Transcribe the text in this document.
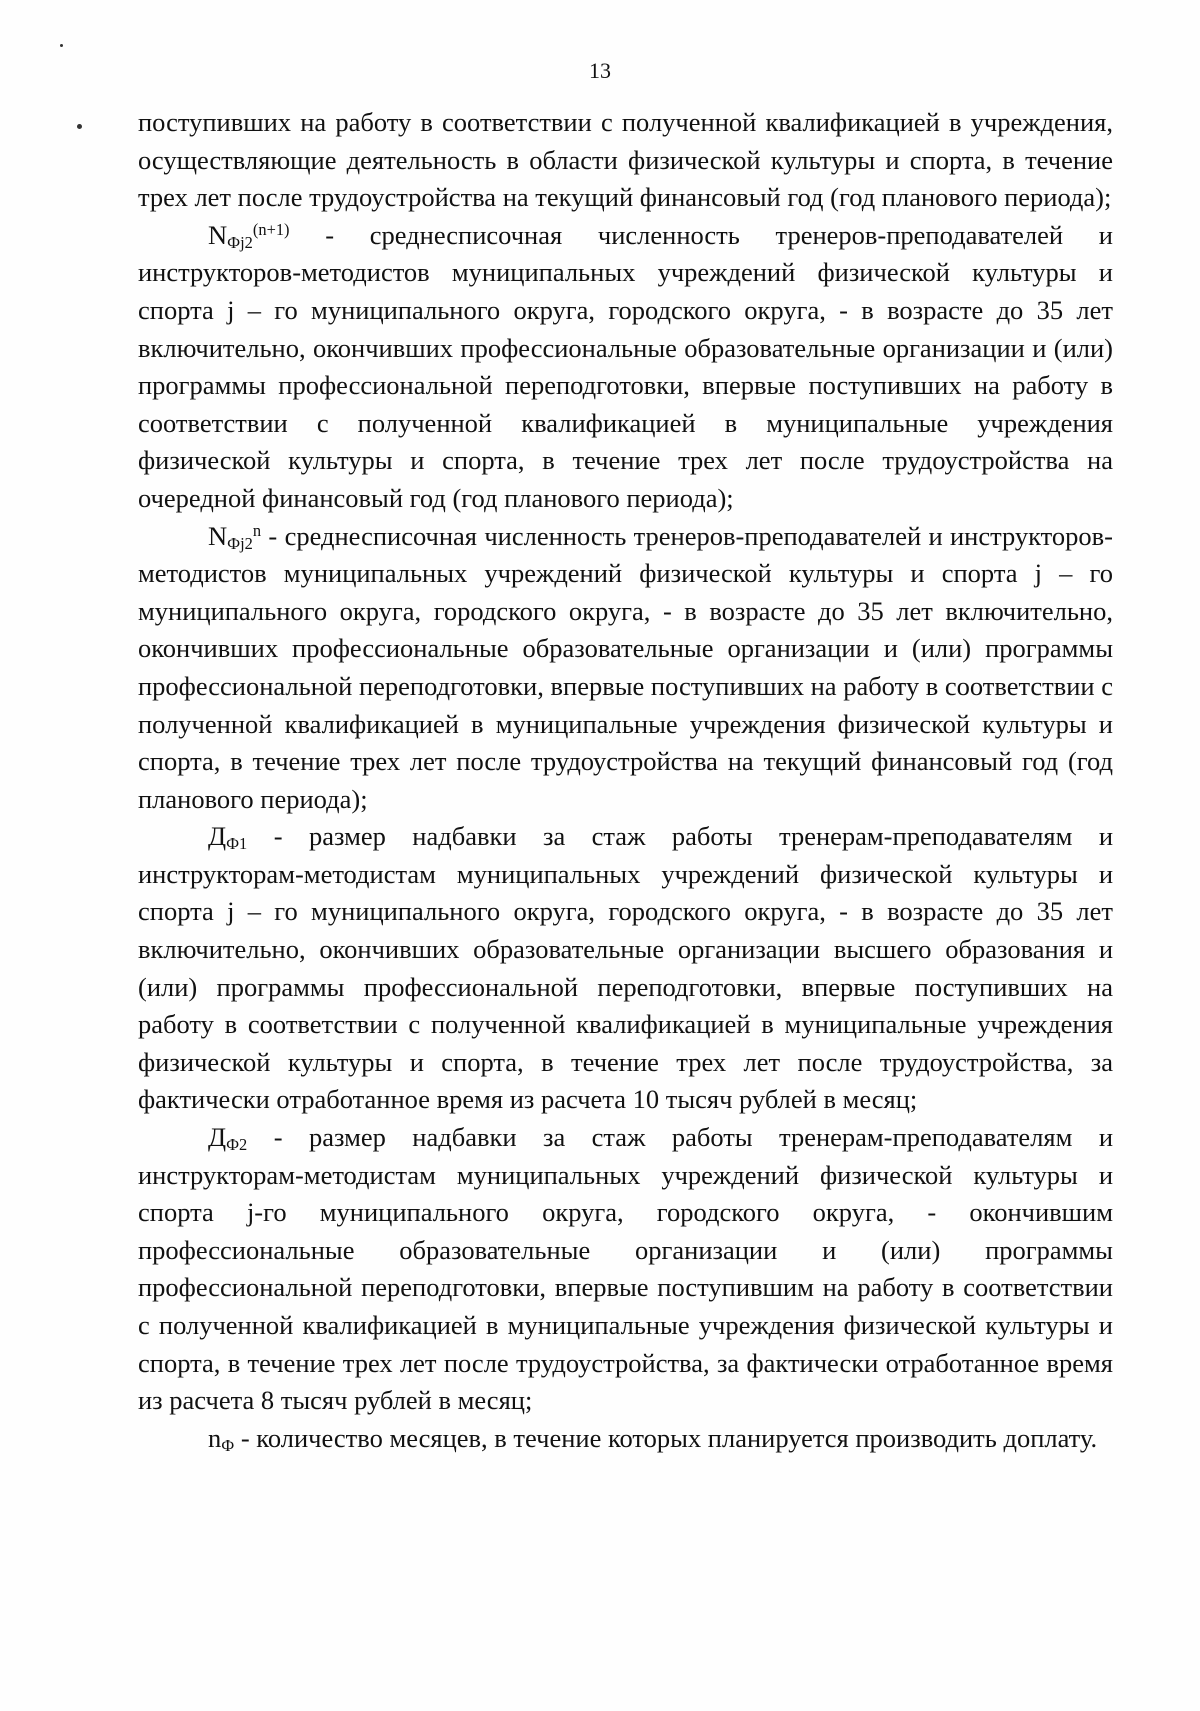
13

поступивших на работу в соответствии с полученной квалификацией в учреждения, осуществляющие деятельность в области физической культуры и спорта, в течение трех лет после трудоустройства на текущий финансовый год (год планового периода);

$N_{Фj2}^{(n+1)}$ - среднесписочная численность тренеров-преподавателей и инструкторов-методистов муниципальных учреждений физической культуры и спорта j – го муниципального округа, городского округа, - в возрасте до 35 лет включительно, окончивших профессиональные образовательные организации и (или) программы профессиональной переподготовки, впервые поступивших на работу в соответствии с полученной квалификацией в муниципальные учреждения физической культуры и спорта, в течение трех лет после трудоустройства на очередной финансовый год (год планового периода);

$N_{Фj2}^n$ - среднесписочная численность тренеров-преподавателей и инструкторов-методистов муниципальных учреждений физической культуры и спорта j – го муниципального округа, городского округа, - в возрасте до 35 лет включительно, окончивших профессиональные образовательные организации и (или) программы профессиональной переподготовки, впервые поступивших на работу в соответствии с полученной квалификацией в муниципальные учреждения физической культуры и спорта, в течение трех лет после трудоустройства на текущий финансовый год (год планового периода);

$Д_{Ф1}$ - размер надбавки за стаж работы тренерам-преподавателям и инструкторам-методистам муниципальных учреждений физической культуры и спорта j – го муниципального округа, городского округа, - в возрасте до 35 лет включительно, окончивших образовательные организации высшего образования и (или) программы профессиональной переподготовки, впервые поступивших на работу в соответствии с полученной квалификацией в муниципальные учреждения физической культуры и спорта, в течение трех лет после трудоустройства, за фактически отработанное время из расчета 10 тысяч рублей в месяц;

$Д_{Ф2}$ - размер надбавки за стаж работы тренерам-преподавателям и инструкторам-методистам муниципальных учреждений физической культуры и спорта j-го муниципального округа, городского округа, - окончившим профессиональные образовательные организации и (или) программы профессиональной переподготовки, впервые поступившим на работу в соответствии с полученной квалификацией в муниципальные учреждения физической культуры и спорта, в течение трех лет после трудоустройства, за фактически отработанное время из расчета 8 тысяч рублей в месяц;

$n_Ф$ - количество месяцев, в течение которых планируется производить доплату.
